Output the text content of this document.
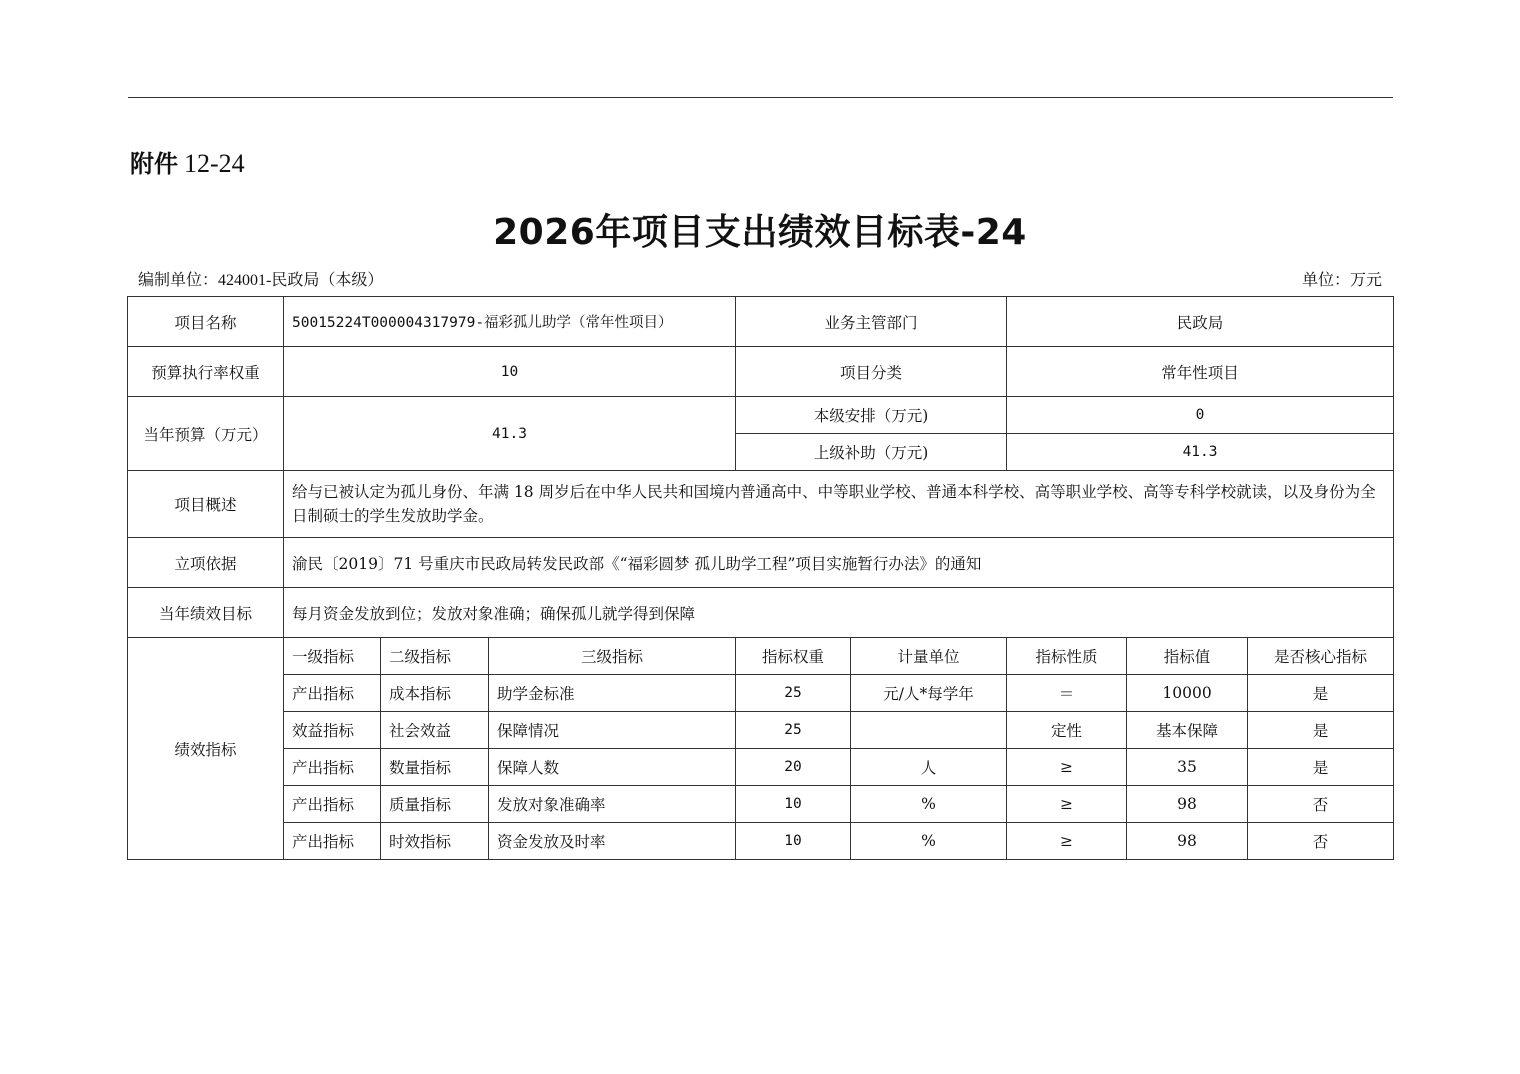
附件 12-24
2026年项目支出绩效目标表-24
编制单位：424001-民政局（本级）	单位：万元
项目名称	50015224T000004317979-福彩孤儿助学（常年性项目）			业务主管部门		民政局		
预算执行率权重	10			项目分类		常年性项目		
当年预算（万元）	41.3			本级安排（万元)		0		
				上级补助（万元)		41.3		
项目概述	给与已被认定为孤儿身份、年满 18 周岁后在中华人民共和国境内普通高中、中等职业学校、普通本科学校、高等职业学校、高等专科学校就读，以及身份为全日制硕士的学生发放助学金。							
立项依据	渝民〔2019〕71 号重庆市民政局转发民政部《“福彩圆梦 孤儿助学工程”项目实施暂行办法》的通知							
当年绩效目标	每月资金发放到位；发放对象准确；确保孤儿就学得到保障							
绩效指标	一级指标	二级指标	三级指标	指标权重	计量单位	指标性质	指标值	是否核心指标
	产出指标	成本指标	助学金标准	25	元/人*每学年	＝	10000	是
	效益指标	社会效益	保障情况	25		定性	基本保障	是
	产出指标	数量指标	保障人数	20	人	≥	35	是
	产出指标	质量指标	发放对象准确率	10	%	≥	98	否
	产出指标	时效指标	资金发放及时率	10	%	≥	98	否
